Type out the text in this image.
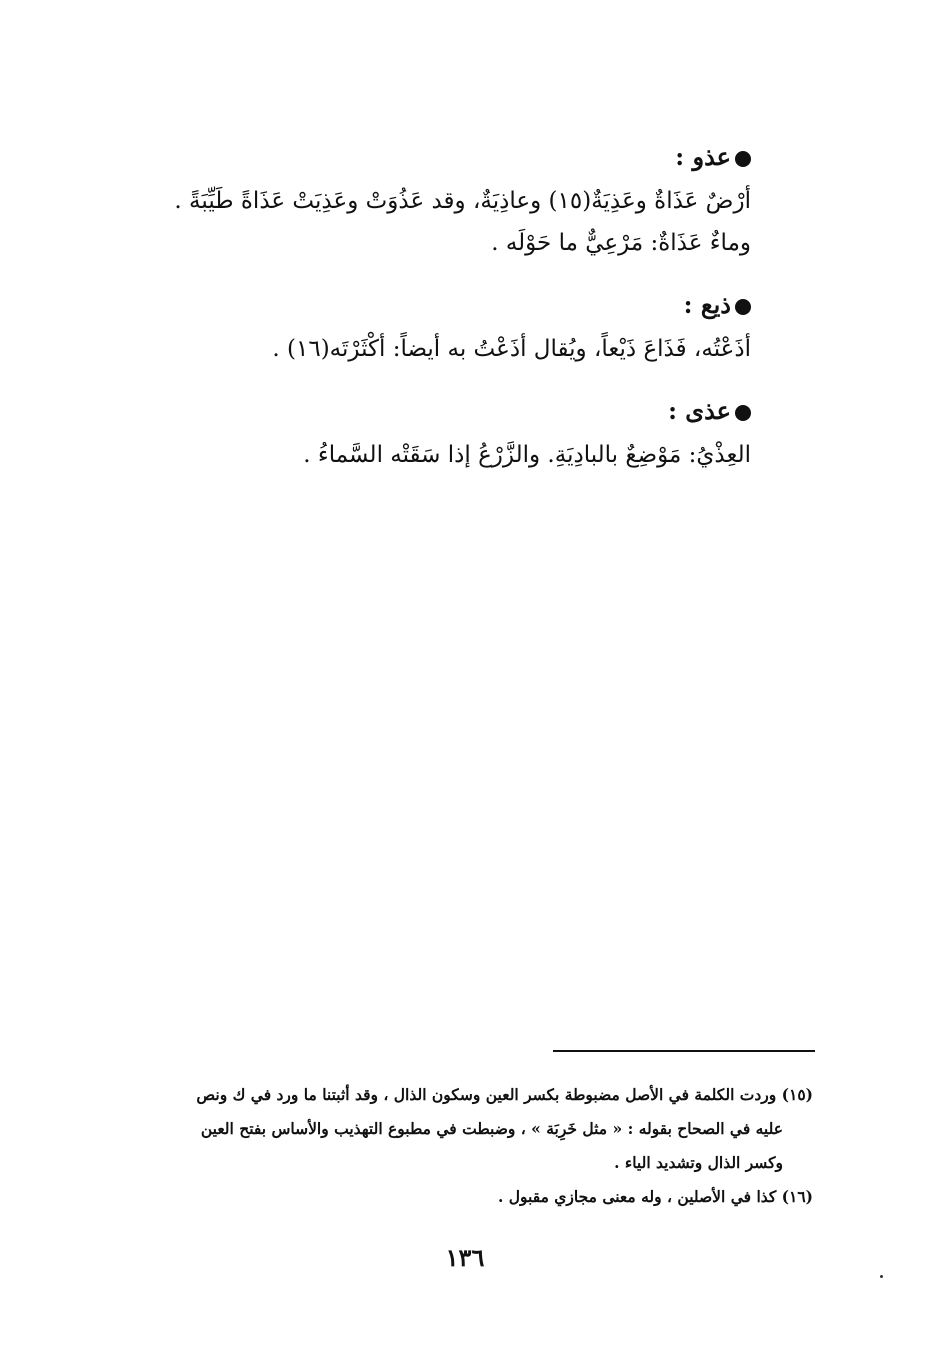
عذو :

أرْضٌ عَذَاةٌ وعَذِيَةٌ(١٥) وعاذِيَةٌ، وقد عَذُوَتْ وعَذِيَتْ عَذَاةً طَيِّبَةً .

وماءٌ عَذَاةٌ: مَرْعِيٌّ ما حَوْلَه .

ذيع :

أذَعْتُه، فَذَاعَ ذَيْعاً، ويُقال أذَعْتُ به أيضاً: أكْثَرْتَه(١٦) .

عذى :

العِذْيُ: مَوْضِعٌ بالبادِيَةِ. والزَّرْعُ إذا سَقَتْه السَّماءُ .

(١٥) وردت الكلمة في الأصل مضبوطة بكسر العين وسكون الذال ، وقد أثبتنا ما ورد في ك ونص

عليه في الصحاح بقوله : « مثل خَرِبَة » ، وضبطت في مطبوع التهذيب والأساس بفتح العين

وكسر الذال وتشديد الياء .

(١٦) كذا في الأصلين ، وله معنى مجازي مقبول .

١٣٦
